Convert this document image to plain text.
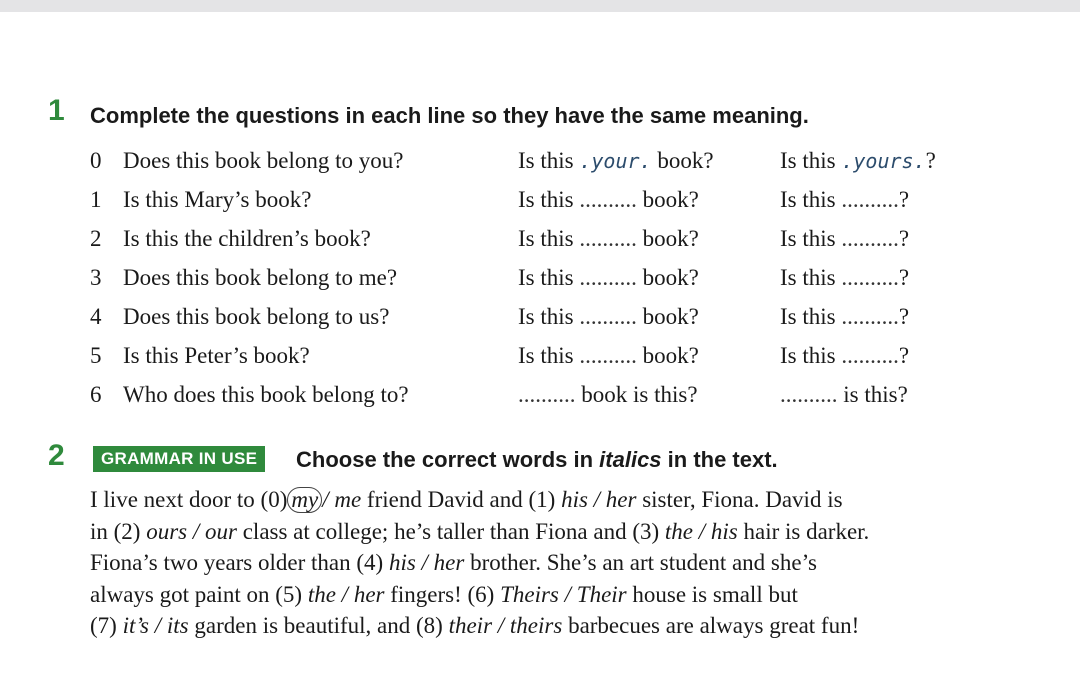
1 Complete the questions in each line so they have the same meaning.
0 Does this book belong to you?	Is this .your. book?	Is this .yours.?
1 Is this Mary’s book?	Is this .......... book?	Is this ..........?
2 Is this the children’s book?	Is this .......... book?	Is this ..........?
3 Does this book belong to me?	Is this .......... book?	Is this ..........?
4 Does this book belong to us?	Is this .......... book?	Is this ..........?
5 Is this Peter’s book?	Is this .......... book?	Is this ..........?
6 Who does this book belong to?	.......... book is this?	.......... is this?
2	GRAMMAR IN USE	Choose the correct words in italics in the text.
I live next door to (0) my / me friend David and (1) his / her sister, Fiona. David is
in (2) ours / our class at college; he’s taller than Fiona and (3) the / his hair is darker.
Fiona’s two years older than (4) his / her brother. She’s an art student and she’s
always got paint on (5) the / her fingers! (6) Theirs / Their house is small but
(7) it’s / its garden is beautiful, and (8) their / theirs barbecues are always great fun!
